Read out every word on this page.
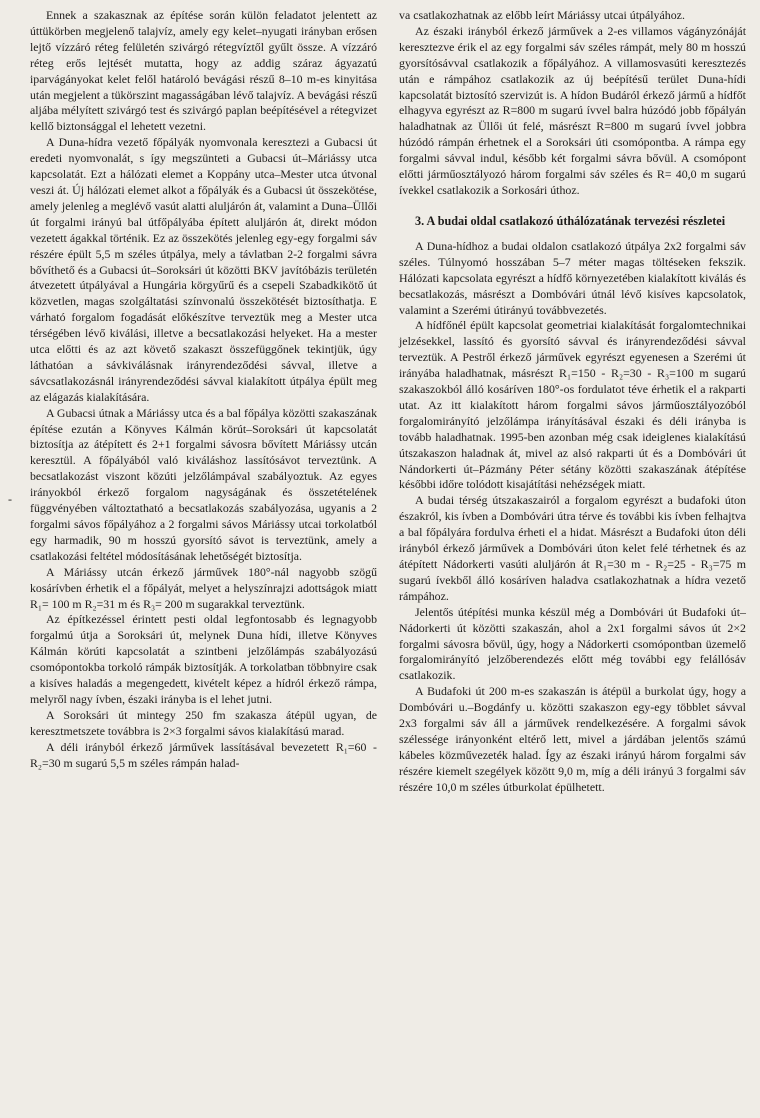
-

Ennek a szakasznak az építése során külön feladatot jelentett az úttükörben megjelenő talajvíz, amely egy kelet–nyugati irányban erősen lejtő vízzáró réteg felületén szivárgó rétegvíztől gyűlt össze. A vízzáró réteg erős lejtését mutatta, hogy az addig száraz ágyazatú iparvágányokat kelet felől határoló bevágási részű 8–10 m-es kinyitása után megjelent a tükörszint magasságában lévő talajvíz. A bevágási részű aljába mélyített szivárgó test és szivárgó paplan beépítésével a rétegvizet kellő biztonsággal el lehetett vezetni.

A Duna-hídra vezető főpályák nyomvonala keresztezi a Gubacsi út eredeti nyomvonalát, s így megszünteti a Gubacsi út–Máriássy utca kapcsolatát. Ezt a hálózati elemet a Koppány utca–Mester utca útvonal veszi át. Új hálózati elemet alkot a főpályák és a Gubacsi út összekötése, amely jelenleg a meglévő vasút alatti aluljárón át, valamint a Duna–Üllői út forgalmi irányú bal útfőpályába épített aluljárón át, direkt módon vezetett ágakkal történik. Ez az összekötés jelenleg egy-egy forgalmi sáv részére épült 5,5 m széles útpálya, mely a távlatban 2-2 forgalmi sávra bővíthető és a Gubacsi út–Soroksári út közötti BKV javítóbázis területén átvezetett útpályával a Hungária körgyűrű és a csepeli Szabadkikötő út közvetlen, magas szolgáltatási színvonalú összekötését biztosíthatja. E várható forgalom fogadását előkészítve terveztük meg a Mester utca térségében lévő kiválási, illetve a becsatlakozási helyeket. Ha a mester utca előtti és az azt követő szakaszt összefüggőnek tekintjük, úgy láthatóan a sávkiválásnak irányrendeződési sávval, illetve a sávcsatlakozásnál irányrendeződési sávval kialakított útpálya épült meg az elágazás kialakítására.

A Gubacsi útnak a Máriássy utca és a bal főpálya közötti szakaszának építése ezután a Könyves Kálmán körút–Soroksári út kapcsolatát biztosítja az átépített és 2+1 forgalmi sávosra bővített Máriássy utcán keresztül. A főpályából való kiváláshoz lassítósávot terveztünk. A becsatlakozást viszont közúti jelzőlámpával szabályoztuk. Az egyes irányokból érkező forgalom nagyságának és összetételének függvényében változtatható a becsatlakozás szabályozása, ugyanis a 2 forgalmi sávos főpályához a 2 forgalmi sávos Máriássy utcai torkolatból egy harmadik, 90 m hosszú gyorsító sávot is terveztünk, amely a csatlakozási feltétel módosításának lehetőségét biztosítja.

A Máriássy utcán érkező járművek 180°-nál nagyobb szögű kosárívben érhetik el a főpályát, melyet a helyszínrajzi adottságok miatt R₁= 100 m R₂=31 m és R₃= 200 m sugarakkal terveztünk.

Az építkezéssel érintett pesti oldal legfontosabb és legnagyobb forgalmú útja a Soroksári út, melynek Duna hídi, illetve Könyves Kálmán körúti kapcsolatát a szintbeni jelzőlámpás szabályozású csomópontokba torkoló rámpák biztosítják. A torkolatban többnyire csak a kisíves haladás a megengedett, kivételt képez a hídról érkező rámpa, melyről nagy ívben, északi irányba is el lehet jutni.

A Soroksári út mintegy 250 fm szakasza átépül ugyan, de keresztmetszete továbbra is 2×3 forgalmi sávos kialakítású marad.

A déli irányból érkező járművek lassításával bevezetett R₁=60 - R₂=30 m sugarú 5,5 m széles rámpán halad-

va csatlakozhatnak az előbb leírt Máriássy utcai útpályához.

Az északi irányból érkező járművek a 2-es villamos vágányzónáját keresztezve érik el az egy forgalmi sáv széles rámpát, mely 80 m hosszú gyorsítósávval csatlakozik a főpályához. A villamosvasúti keresztezés után e rámpához csatlakozik az új beépítésű terület Duna-hídi kapcsolatát biztosító szervizút is. A hídon Budáról érkező jármű a hídfőt elhagyva egyrészt az R=800 m sugarú ívvel balra húzódó jobb főpályán haladhatnak az Üllői út felé, másrészt R=800 m sugarú ívvel jobbra húzódó rámpán érhetnek el a Soroksári úti csomópontba. A rámpa egy forgalmi sávval indul, később két forgalmi sávra bővül. A csomópont előtti járműosztályozó három forgalmi sáv széles és R= 40,0 m sugarú ívekkel csatlakozik a Sorkosári úthoz.

3. A budai oldal csatlakozó úthálózatának tervezési részletei

A Duna-hídhoz a budai oldalon csatlakozó útpálya 2x2 forgalmi sáv széles. Túlnyomó hosszában 5–7 méter magas töltéseken fekszik. Hálózati kapcsolata egyrészt a hídfő környezetében kialakított kiválás és becsatlakozás, másrészt a Dombóvári útnál lévő kisíves kapcsolatok, valamint a Szerémi útirányú továbbvezetés.

A hídfőnél épült kapcsolat geometriai kialakítását forgalomtechnikai jelzésekkel, lassító és gyorsító sávval és irányrendeződési sávval terveztük. A Pestről érkező járművek egyrészt egyenesen a Szerémi út irányába haladhatnak, másrészt R₁=150 - R₂=30 - R₃=100 m sugarú szakaszokból álló kosáríven 180°-os fordulatot téve érhetik el a rakparti utat. Az itt kialakított három forgalmi sávos járműosztályozóból forgalomirányító jelzőlámpa irányításával északi és déli irányba is tovább haladhatnak. 1995-ben azonban még csak ideiglenes kialakítású útszakaszon haladnak át, mivel az alsó rakparti út és a Dombóvári út Nándorkerti út–Pázmány Péter sétány közötti szakaszának átépítése későbbi időre tolódott kisajátítási nehézségek miatt.

A budai térség útszakaszairól a forgalom egyrészt a budafoki úton északról, kis ívben a Dombóvári útra térve és további kis ívben felhajtva a bal főpályára fordulva érheti el a hidat. Másrészt a Budafoki úton déli irányból érkező járművek a Dombóvári úton kelet felé térhetnek és az átépített Nádorkerti vasúti aluljárón át R₁=30 m - R₂=25 - R₃=75 m sugarú ívekből álló kosáríven haladva csatlakozhatnak a hídra vezető rámpához.

Jelentős útépítési munka készül még a Dombóvári út Budafoki út–Nádorkerti út közötti szakaszán, ahol a 2x1 forgalmi sávos út 2×2 forgalmi sávosra bővül, úgy, hogy a Nádorkerti csomópontban üzemelő forgalomirányító jelzőberendezés előtt még további egy felállósáv csatlakozik.

A Budafoki út 200 m-es szakaszán is átépül a burkolat úgy, hogy a Dombóvári u.–Bogdánfy u. közötti szakaszon egy-egy többlet sávval 2x3 forgalmi sáv áll a járművek rendelkezésére. A forgalmi sávok szélessége irányonként eltérő lett, mivel a járdában jelentős számú kábeles közművezeték halad. Így az északi irányú három forgalmi sáv részére kiemelt szegélyek között 9,0 m, míg a déli irányú 3 forgalmi sáv részére 10,0 m széles útburkolat épülhetett.
